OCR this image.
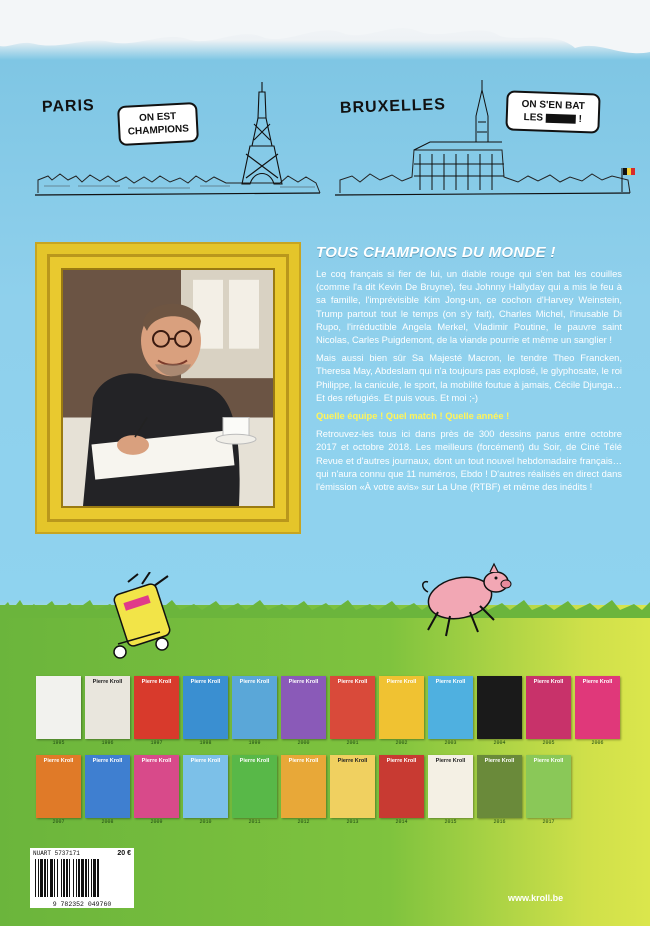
PARIS	BRUXELLES
ON EST CHAMPIONS
ON S'EN BAT
LES	!
TOUS CHAMPIONS DU MONDE !

Le coq français si fier de lui, un diable rouge qui s'en bat les couilles (comme l'a dit Kevin De Bruyne), feu Johnny Hallyday qui a mis le feu à sa famille, l'imprévisible Kim Jong-un, ce cochon d'Harvey Weinstein, Trump partout tout le temps (on s'y fait), Charles Michel, l'inusable Di Rupo, l'irréductible Angela Merkel, Vladimir Poutine, le pauvre saint Nicolas, Carles Puigdemont, de la viande pourrie et même un sanglier !

Mais aussi bien sûr Sa Majesté Macron, le tendre Theo Francken, Theresa May, Abdeslam qui n'a toujours pas explosé, le glyphosate, le roi Philippe, la canicule, le sport, la mobilité foutue à jamais, Cécile Djunga… Et des réfugiés. Et puis vous. Et moi ;-)

Quelle équipe ! Quel match ! Quelle année !

Retrouvez-les tous ici dans près de 300 dessins parus entre octobre 2017 et octobre 2018. Les meilleurs (forcément) du Soir, de Ciné Télé Revue et d'autres journaux, dont un tout nouvel hebdomadaire français… qui n'aura connu que 11 numéros, Ebdo ! D'autres réalisés en direct dans l'émission «À votre avis» sur La Une (RTBF) et même des inédits !

1995
Pierre Kroll
1996
Pierre Kroll
1997
Pierre Kroll
1998
Pierre Kroll
1999
Pierre Kroll
2000
Pierre Kroll
2001
Pierre Kroll
2002
Pierre Kroll
2003	2004
Pierre Kroll
2005
Pierre Kroll
2006
Pierre Kroll
2007
Pierre Kroll
2008
Pierre Kroll
2009
Pierre Kroll
2010
Pierre Kroll
2011
Pierre Kroll
2012
Pierre Kroll
2013
Pierre Kroll
2014
Pierre Kroll
2015
Pierre Kroll
2016
Pierre Kroll
2017
NUART 5737171	20 €
9 782352 049760
www.kroll.be
